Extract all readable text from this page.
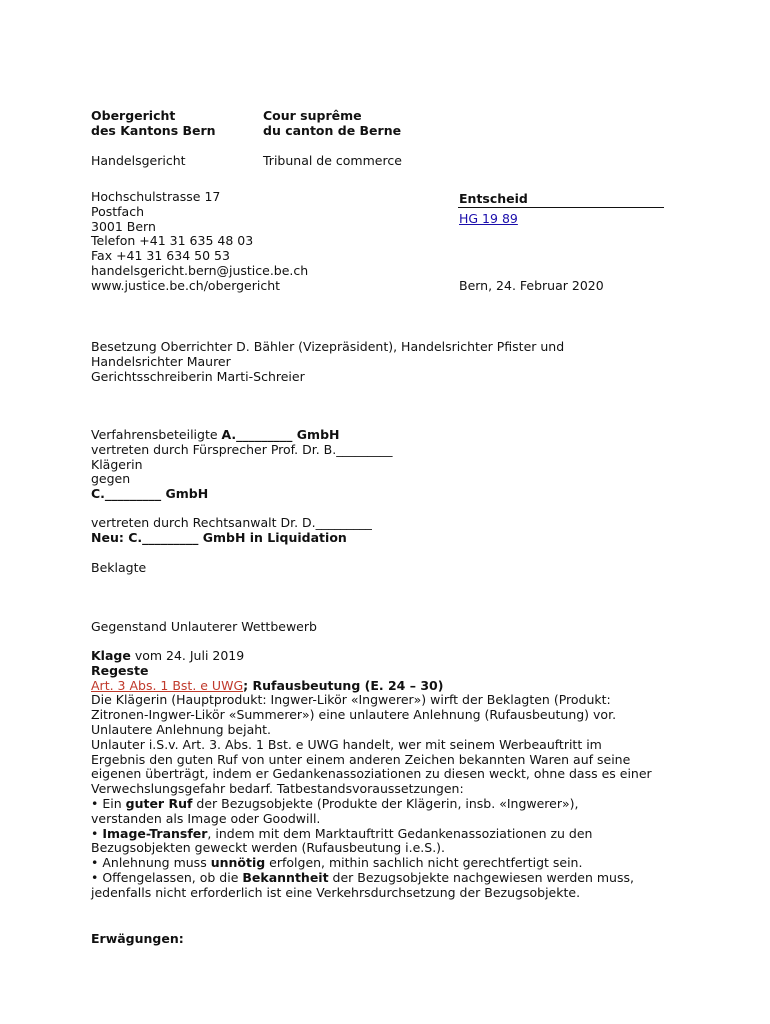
Obergericht
des Kantons Bern
Cour suprême
du canton de Berne
Handelsgericht	Tribunal de commerce
Hochschulstrasse 17
Postfach
3001 Bern
Telefon +41 31 635 48 03
Fax +41 31 634 50 53
handelsgericht.bern@justice.be.ch
www.justice.be.ch/obergericht
Entscheid
HG 19 89
Bern, 24. Februar 2020
Besetzung Oberrichter D. Bähler (Vizepräsident), Handelsrichter Pfister und
Handelsrichter Maurer
Gerichtsschreiberin Marti-Schreier
Verfahrensbeteiligte A._________ GmbH
vertreten durch Fürsprecher Prof. Dr. B._________
Klägerin
gegen
C._________ GmbH
vertreten durch Rechtsanwalt Dr. D._________
Neu: C._________ GmbH in Liquidation
Beklagte
Gegenstand Unlauterer Wettbewerb
Klage vom 24. Juli 2019
Regeste
Art. 3 Abs. 1 Bst. e UWG; Rufausbeutung (E. 24 – 30)
Die Klägerin (Hauptprodukt: Ingwer-Likör «Ingwerer») wirft der Beklagten (Produkt:
Zitronen-Ingwer-Likör «Summerer») eine unlautere Anlehnung (Rufausbeutung) vor.
Unlautere Anlehnung bejaht.
Unlauter i.S.v. Art. 3. Abs. 1 Bst. e UWG handelt, wer mit seinem Werbeauftritt im
Ergebnis den guten Ruf von unter einem anderen Zeichen bekannten Waren auf seine
eigenen überträgt, indem er Gedankenassoziationen zu diesen weckt, ohne dass es einer
Verwechslungsgefahr bedarf. Tatbestandsvoraussetzungen:
• Ein guter Ruf der Bezugsobjekte (Produkte der Klägerin, insb. «Ingwerer»),
verstanden als Image oder Goodwill.
• Image-Transfer, indem mit dem Marktauftritt Gedankenassoziationen zu den
Bezugsobjekten geweckt werden (Rufausbeutung i.e.S.).
• Anlehnung muss unnötig erfolgen, mithin sachlich nicht gerechtfertigt sein.
• Offengelassen, ob die Bekanntheit der Bezugsobjekte nachgewiesen werden muss,
jedenfalls nicht erforderlich ist eine Verkehrsdurchsetzung der Bezugsobjekte.
Erwägungen:
